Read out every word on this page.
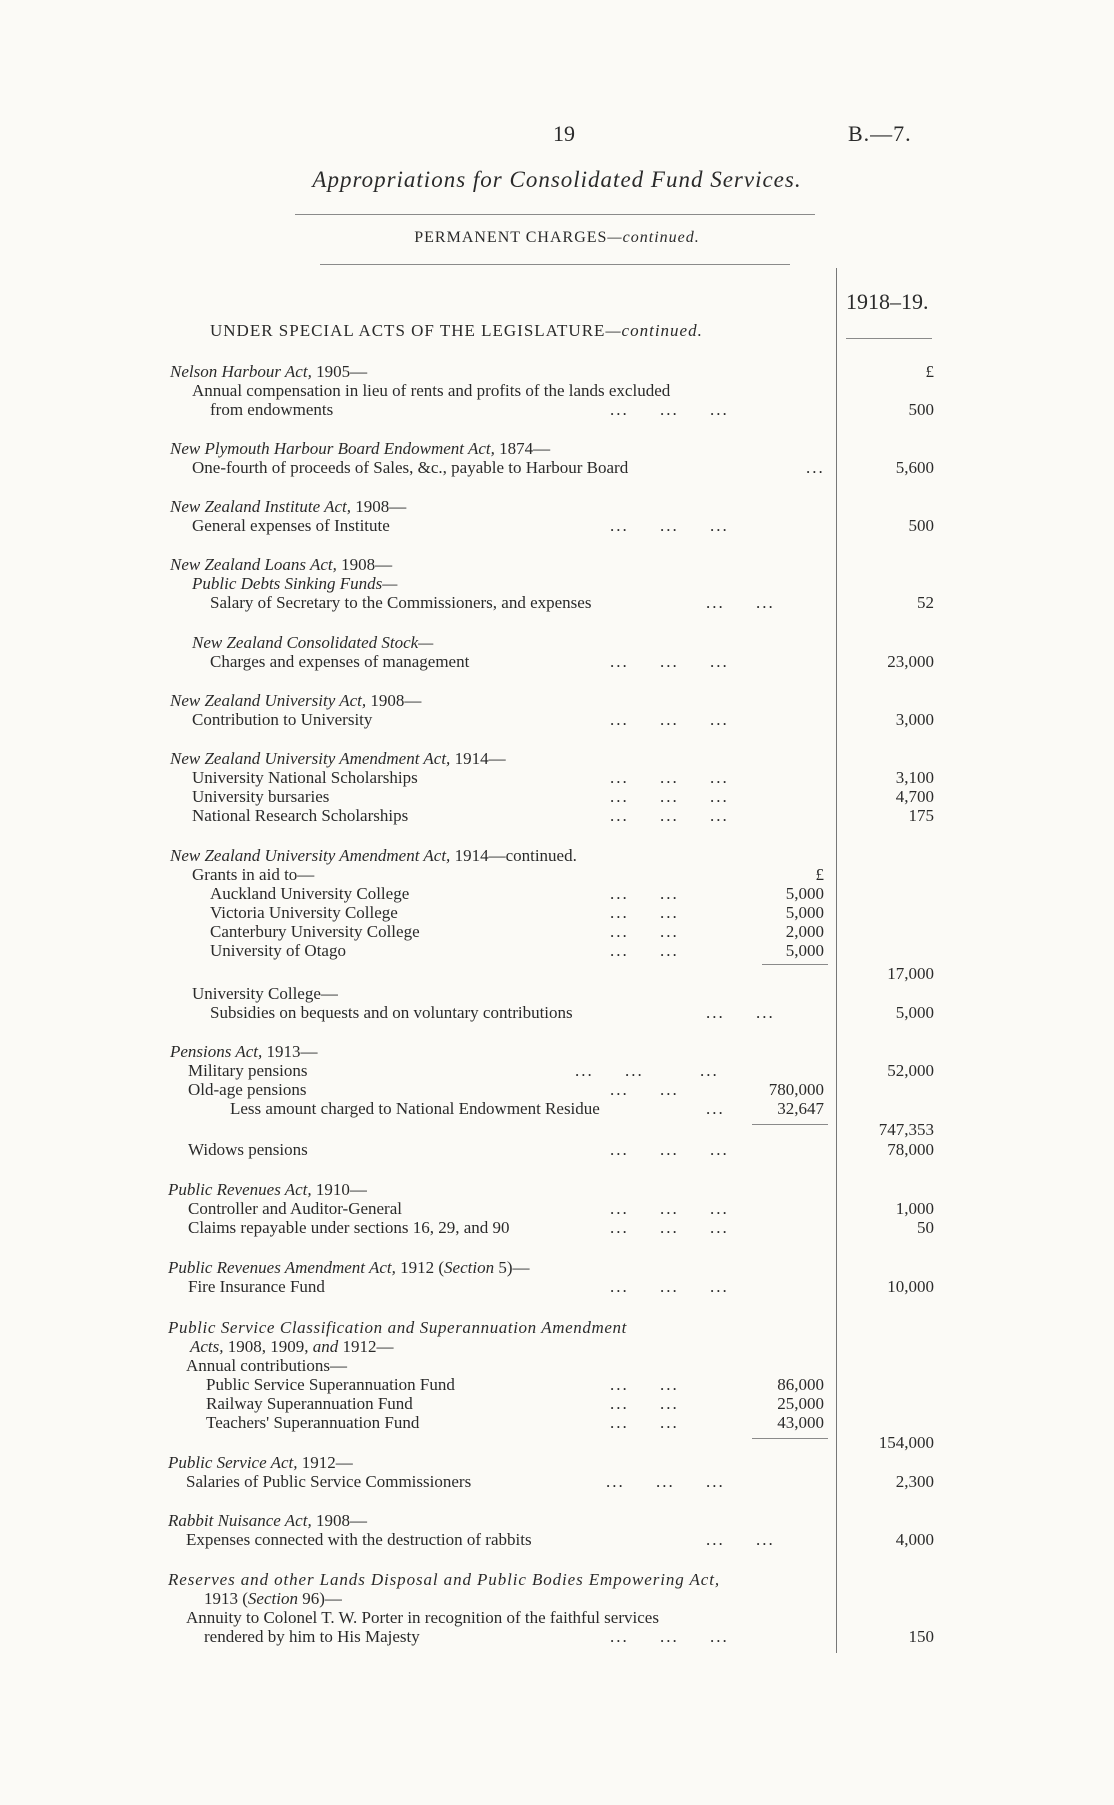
19	B.—7.
Appropriations for Consolidated Fund Services.
PERMANENT CHARGES—continued.
UNDER SPECIAL ACTS OF THE LEGISLATURE—continued.
1918–19.
£
Nelson Harbour Act, 1905—
Annual compensation in lieu of rents and profits of the lands excluded
from endowments	...     ...     ...	500
New Plymouth Harbour Board Endowment Act, 1874—
One-fourth of proceeds of Sales, &c., payable to Harbour Board	...	5,600
New Zealand Institute Act, 1908—
General expenses of Institute	...     ...     ...	500
New Zealand Loans Act, 1908—
Public Debts Sinking Funds—
Salary of Secretary to the Commissioners, and expenses	...     ...	52
New Zealand Consolidated Stock—
Charges and expenses of management	...     ...     ...	23,000
New Zealand University Act, 1908—
Contribution to University	...     ...     ...	3,000
New Zealand University Amendment Act, 1914—
University National Scholarships	...     ...     ...	3,100
University bursaries	...     ...     ...	4,700
National Research Scholarships	...     ...     ...	175
New Zealand University Amendment Act, 1914—continued.
Grants in aid to—	£
Auckland University College	...     ...	5,000
Victoria University College	...     ...	5,000
Canterbury University College	...     ...	2,000
University of Otago	...     ...	5,000
17,000
University College—
Subsidies on bequests and on voluntary contributions	...     ...	5,000
Pensions Act, 1913—
Military pensions	...     ...         ...	52,000
Old-age pensions	...     ...	780,000
Less amount charged to National Endowment Residue	...	32,647
747,353
Widows pensions	...     ...     ...	78,000
Public Revenues Act, 1910—
Controller and Auditor-General	...     ...     ...	1,000
Claims repayable under sections 16, 29, and 90	...     ...     ...	50
Public Revenues Amendment Act, 1912 (Section 5)—
Fire Insurance Fund	...     ...     ...	10,000
Public Service Classification and Superannuation Amendment
Acts, 1908, 1909, and 1912—
Annual contributions—
Public Service Superannuation Fund	...     ...	86,000
Railway Superannuation Fund	...     ...	25,000
Teachers' Superannuation Fund	...     ...	43,000
154,000
Public Service Act, 1912—
Salaries of Public Service Commissioners	...     ...     ...	2,300
Rabbit Nuisance Act, 1908—
Expenses connected with the destruction of rabbits	...     ...	4,000
Reserves and other Lands Disposal and Public Bodies Empowering Act,
1913 (Section 96)—
Annuity to Colonel T. W. Porter in recognition of the faithful services
rendered by him to His Majesty	...     ...     ...	150
